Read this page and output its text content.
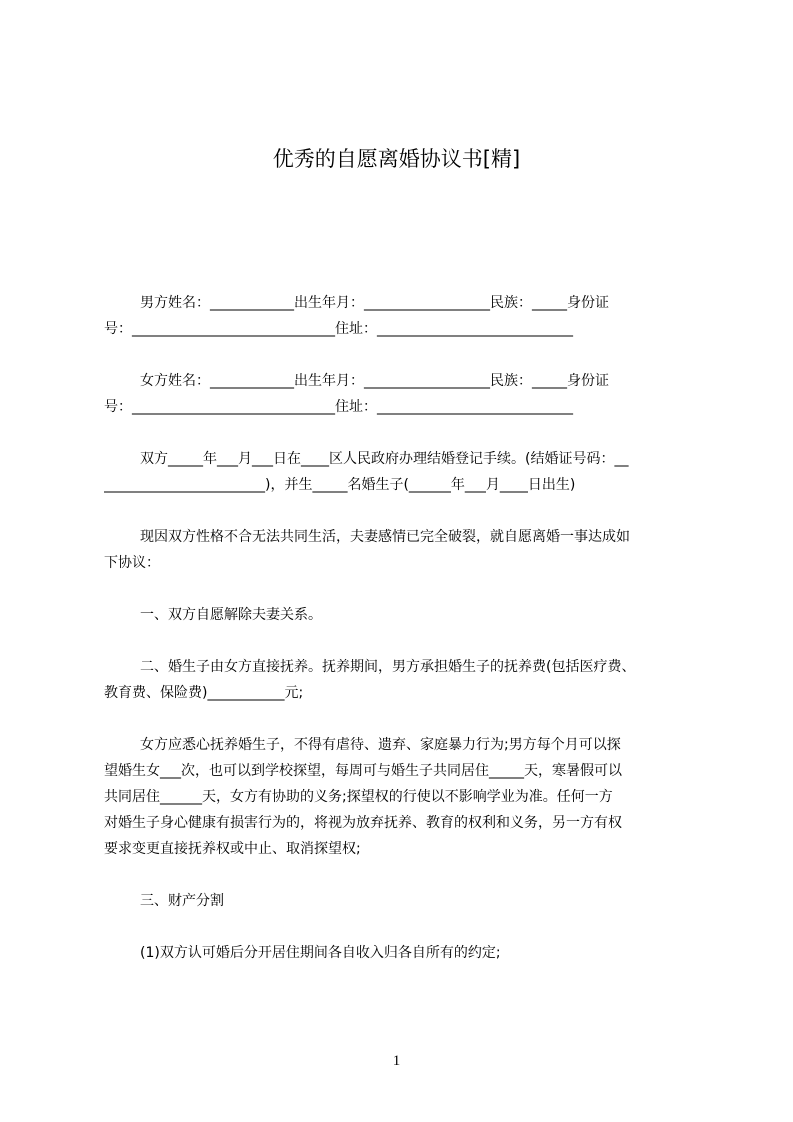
优秀的自愿离婚协议书[精]
男方姓名：____________出生年月：__________________民族：_____身份证
号：_____________________________住址：____________________________
女方姓名：____________出生年月：__________________民族：_____身份证
号：_____________________________住址：____________________________
双方_____年___月___日在____区人民政府办理结婚登记手续。(结婚证号码：__
_______________________)，并生_____名婚生子(______年___月____日出生)
现因双方性格不合无法共同生活，夫妻感情已完全破裂，就自愿离婚一事达成如
下协议：
一、双方自愿解除夫妻关系。
二、婚生子由女方直接抚养。抚养期间，男方承担婚生子的抚养费(包括医疗费、
教育费、保险费)___________元;
女方应悉心抚养婚生子，不得有虐待、遗弃、家庭暴力行为;男方每个月可以探
望婚生女___次，也可以到学校探望，每周可与婚生子共同居住_____天，寒暑假可以
共同居住______天，女方有协助的义务;探望权的行使以不影响学业为准。任何一方
对婚生子身心健康有损害行为的，将视为放弃抚养、教育的权利和义务，另一方有权
要求变更直接抚养权或中止、取消探望权;
三、财产分割
(1)双方认可婚后分开居住期间各自收入归各自所有的约定;
1
